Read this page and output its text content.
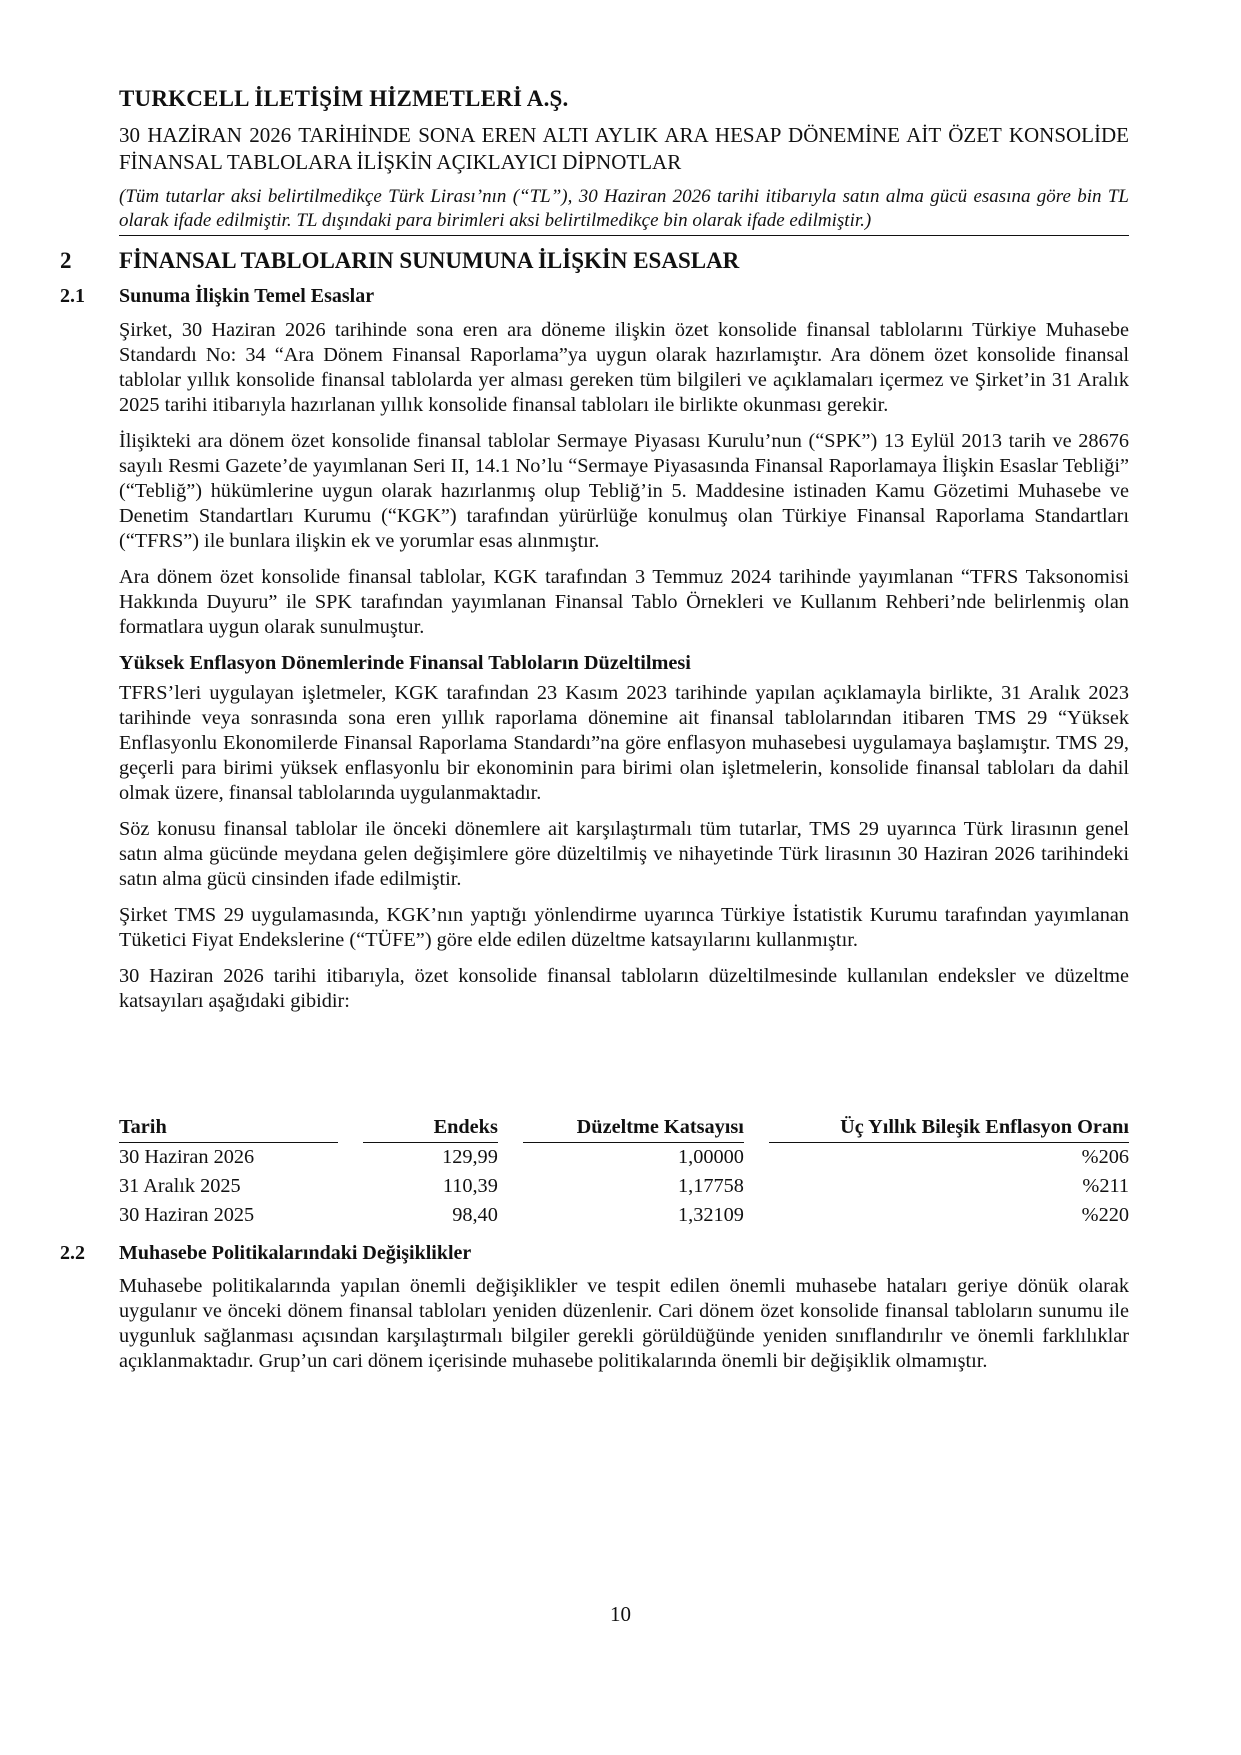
TURKCELL İLETİŞİM HİZMETLERİ A.Ş.
30 HAZİRAN 2026 TARİHİNDE SONA EREN ALTI AYLIK ARA HESAP DÖNEMİNE AİT ÖZET KONSOLİDE FİNANSAL TABLOLARA İLİŞKİN AÇIKLAYICI DİPNOTLAR
(Tüm tutarlar aksi belirtilmedikçe Türk Lirası’nın (“TL”), 30 Haziran 2026 tarihi itibarıyla satın alma gücü esasına göre bin TL olarak ifade edilmiştir. TL dışındaki para birimleri aksi belirtilmedikçe bin olarak ifade edilmiştir.)
2 FİNANSAL TABLOLARIN SUNUMUNA İLİŞKİN ESASLAR
2.1 Sunuma İlişkin Temel Esaslar

Şirket, 30 Haziran 2026 tarihinde sona eren ara döneme ilişkin özet konsolide finansal tablolarını Türkiye Muhasebe Standardı No: 34 “Ara Dönem Finansal Raporlama”ya uygun olarak hazırlamıştır. Ara dönem özet konsolide finansal tablolar yıllık konsolide finansal tablolarda yer alması gereken tüm bilgileri ve açıklamaları içermez ve Şirket’in 31 Aralık 2025 tarihi itibarıyla hazırlanan yıllık konsolide finansal tabloları ile birlikte okunması gerekir.

İlişikteki ara dönem özet konsolide finansal tablolar Sermaye Piyasası Kurulu’nun (“SPK”) 13 Eylül 2013 tarih ve 28676 sayılı Resmi Gazete’de yayımlanan Seri II, 14.1 No’lu “Sermaye Piyasasında Finansal Raporlamaya İlişkin Esaslar Tebliği” (“Tebliğ”) hükümlerine uygun olarak hazırlanmış olup Tebliğ’in 5. Maddesine istinaden Kamu Gözetimi Muhasebe ve Denetim Standartları Kurumu (“KGK”) tarafından yürürlüğe konulmuş olan Türkiye Finansal Raporlama Standartları (“TFRS”) ile bunlara ilişkin ek ve yorumlar esas alınmıştır.

Ara dönem özet konsolide finansal tablolar, KGK tarafından 3 Temmuz 2024 tarihinde yayımlanan “TFRS Taksonomisi Hakkında Duyuru” ile SPK tarafından yayımlanan Finansal Tablo Örnekleri ve Kullanım Rehberi’nde belirlenmiş olan formatlara uygun olarak sunulmuştur.

Yüksek Enflasyon Dönemlerinde Finansal Tabloların Düzeltilmesi

TFRS’leri uygulayan işletmeler, KGK tarafından 23 Kasım 2023 tarihinde yapılan açıklamayla birlikte, 31 Aralık 2023 tarihinde veya sonrasında sona eren yıllık raporlama dönemine ait finansal tablolarından itibaren TMS 29 “Yüksek Enflasyonlu Ekonomilerde Finansal Raporlama Standardı”na göre enflasyon muhasebesi uygulamaya başlamıştır. TMS 29, geçerli para birimi yüksek enflasyonlu bir ekonominin para birimi olan işletmelerin, konsolide finansal tabloları da dahil olmak üzere, finansal tablolarında uygulanmaktadır.

Söz konusu finansal tablolar ile önceki dönemlere ait karşılaştırmalı tüm tutarlar, TMS 29 uyarınca Türk lirasının genel satın alma gücünde meydana gelen değişimlere göre düzeltilmiş ve nihayetinde Türk lirasının 30 Haziran 2026 tarihindeki satın alma gücü cinsinden ifade edilmiştir.

Şirket TMS 29 uygulamasında, KGK’nın yaptığı yönlendirme uyarınca Türkiye İstatistik Kurumu tarafından yayımlanan Tüketici Fiyat Endekslerine (“TÜFE”) göre elde edilen düzeltme katsayılarını kullanmıştır.

30 Haziran 2026 tarihi itibarıyla, özet konsolide finansal tabloların düzeltilmesinde kullanılan endeksler ve düzeltme katsayıları aşağıdaki gibidir:

Tarih		Endeks		Düzeltme Katsayısı		Üç Yıllık Bileşik Enflasyon Oranı
30 Haziran 2026		129,99		1,00000		%206
31 Aralık 2025		110,39		1,17758		%211
30 Haziran 2025		98,40		1,32109		%220
2.2 Muhasebe Politikalarındaki Değişiklikler

Muhasebe politikalarında yapılan önemli değişiklikler ve tespit edilen önemli muhasebe hataları geriye dönük olarak uygulanır ve önceki dönem finansal tabloları yeniden düzenlenir. Cari dönem özet konsolide finansal tabloların sunumu ile uygunluk sağlanması açısından karşılaştırmalı bilgiler gerekli görüldüğünde yeniden sınıflandırılır ve önemli farklılıklar açıklanmaktadır. Grup’un cari dönem içerisinde muhasebe politikalarında önemli bir değişiklik olmamıştır.

10
